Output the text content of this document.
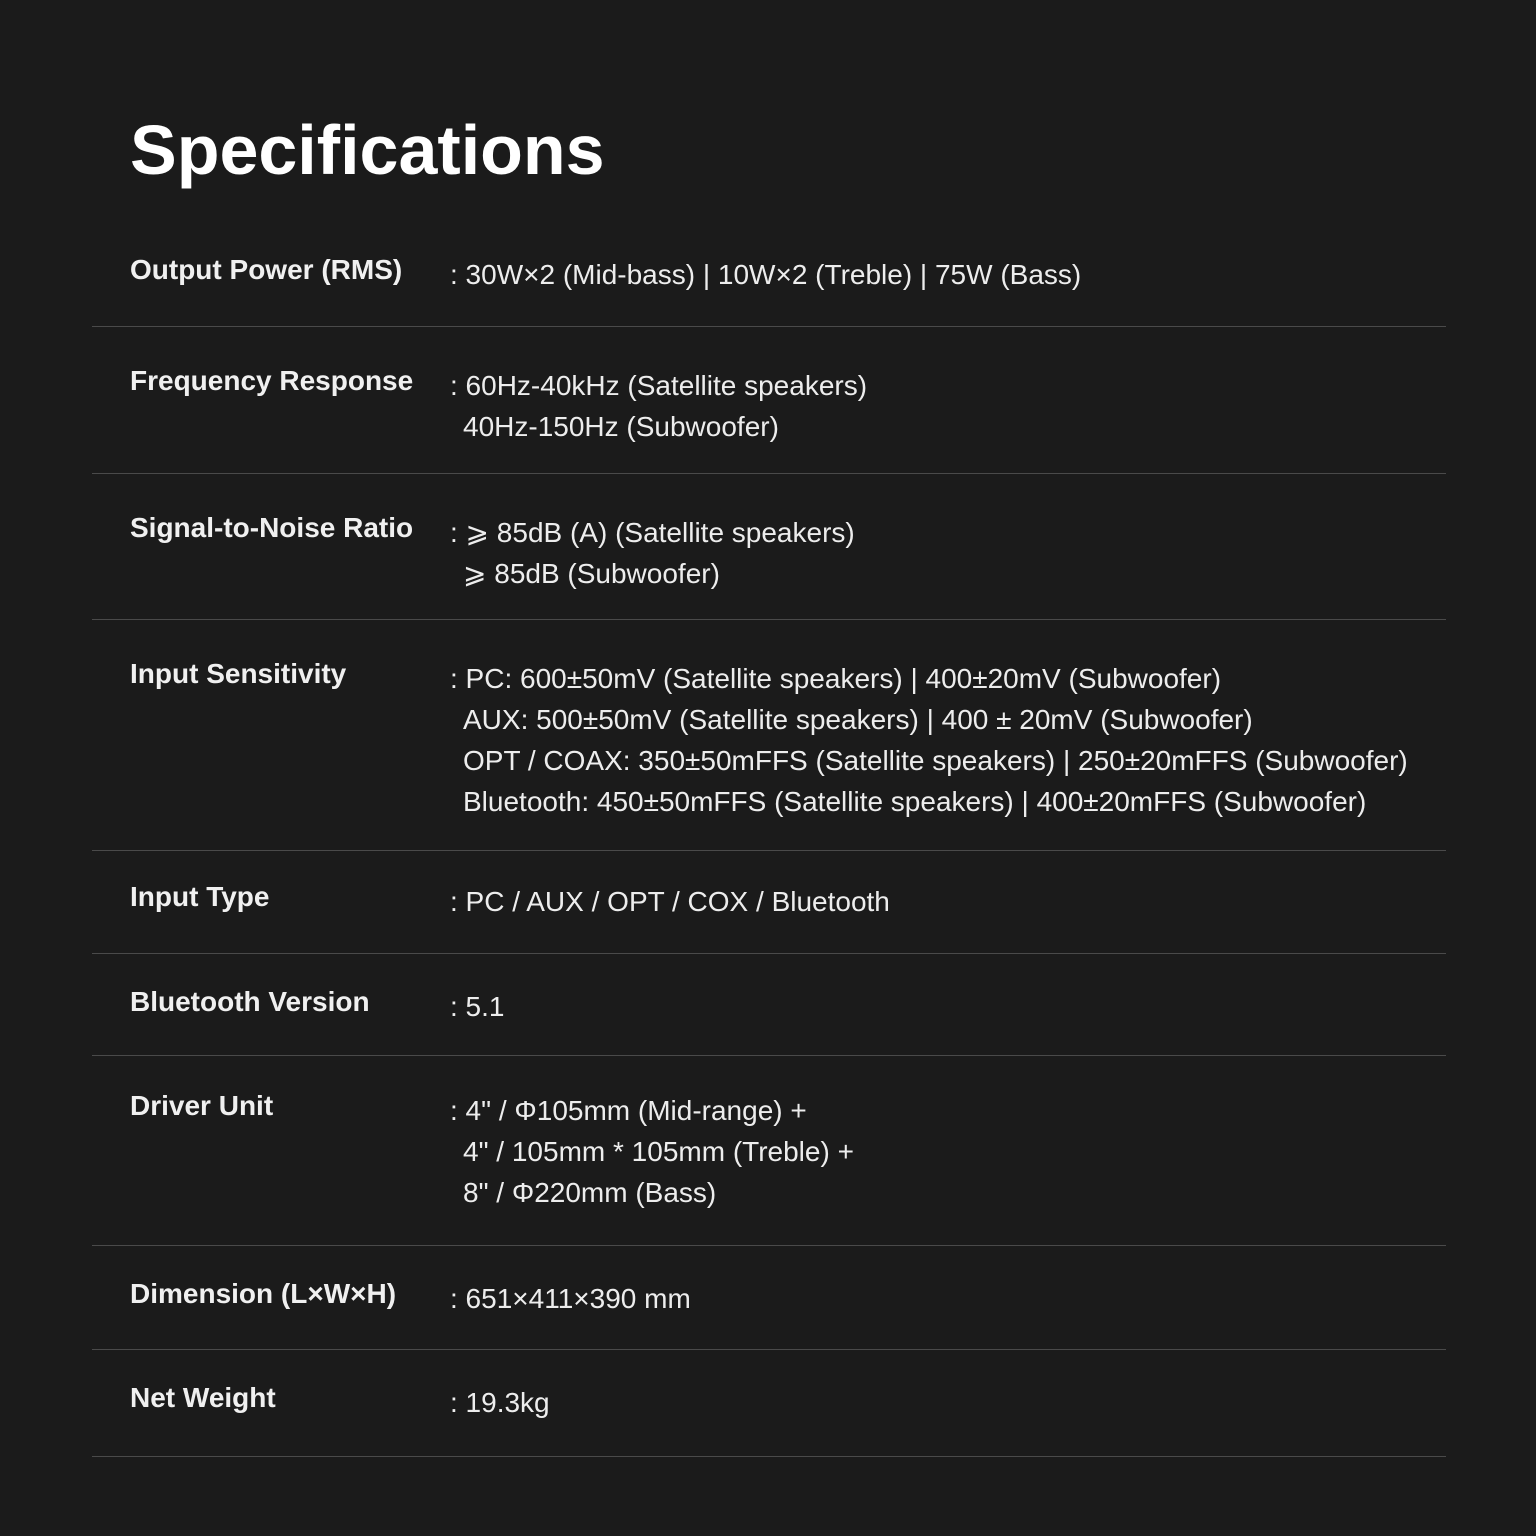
Specifications
Output Power (RMS)	: 30W×2 (Mid-bass) | 10W×2 (Treble) | 75W (Bass)
Frequency Response	: 60Hz-40kHz (Satellite speakers)
40Hz-150Hz (Subwoofer)
Signal-to-Noise Ratio	: ⩾ 85dB (A) (Satellite speakers)
⩾ 85dB (Subwoofer)
Input Sensitivity	: PC: 600±50mV (Satellite speakers) | 400±20mV (Subwoofer)
AUX: 500±50mV (Satellite speakers) | 400 ± 20mV (Subwoofer)
OPT / COAX: 350±50mFFS (Satellite speakers) | 250±20mFFS (Subwoofer)
Bluetooth: 450±50mFFS (Satellite speakers) | 400±20mFFS (Subwoofer)
Input Type	: PC / AUX / OPT / COX / Bluetooth
Bluetooth Version	: 5.1
Driver Unit	: 4" / Φ105mm (Mid-range) +
4" / 105mm * 105mm (Treble) +
8" / Φ220mm (Bass)
Dimension (L×W×H)	: 651×411×390 mm
Net Weight	: 19.3kg
